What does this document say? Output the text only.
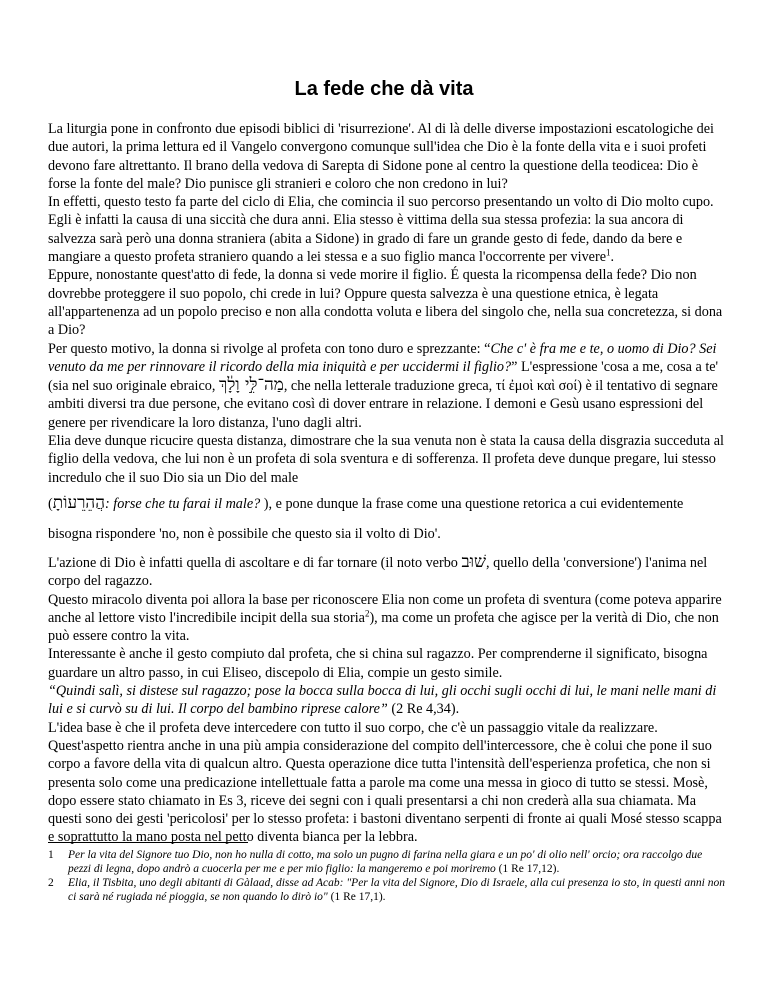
La fede che dà vita

La liturgia pone in confronto due episodi biblici di 'risurrezione'. Al di là delle diverse impostazioni escatologiche dei due autori, la prima lettura ed il Vangelo convergono comunque sull'idea che Dio è la fonte della vita e i suoi profeti devono fare altrettanto. Il brano della vedova di Sarepta di Sidone pone al centro la questione della teodicea: Dio è forse la fonte del male? Dio punisce gli stranieri e coloro che non credono in lui?

In effetti, questo testo fa parte del ciclo di Elia, che comincia il suo percorso presentando un volto di Dio molto cupo. Egli è infatti la causa di una siccità che dura anni. Elia stesso è vittima della sua stessa profezia: la sua ancora di salvezza sarà però una donna straniera (abita a Sidone) in grado di fare un grande gesto di fede, dando da bere e mangiare a questo profeta straniero quando a lei stessa e a suo figlio manca l'occorrente per vivere$^1$.

Eppure, nonostante quest'atto di fede, la donna si vede morire il figlio. É questa la ricompensa della fede? Dio non dovrebbe proteggere il suo popolo, chi crede in lui? Oppure questa salvezza è una questione etnica, è legata all'appartenenza ad un popolo preciso e non alla condotta voluta e libera del singolo che, nella sua concretezza, si dona a Dio?

Per questo motivo, la donna si rivolge al profeta con tono duro e sprezzante: “Che c' è fra me e te, o uomo di Dio? Sei venuto da me per rinnovare il ricordo della mia iniquità e per uccidermi il figlio?” L'espressione 'cosa a me, cosa a te' (sia nel suo originale ebraico, מַה־לִּ֣י וָלָ֔ךְ, che nella letterale traduzione greca, τί ἐμοὶ καὶ σοί) è il tentativo di segnare ambiti diversi tra due persone, che evitano così di dover entrare in relazione. I demoni e Gesù usano espressioni del genere per rivendicare la loro distanza, l'uno dagli altri.

Elia deve dunque ricucire questa distanza, dimostrare che la sua venuta non è stata la causa della disgrazia succeduta al figlio della vedova, che lui non è un profeta di sola sventura e di sofferenza. Il profeta deve dunque pregare, lui stesso incredulo che il suo Dio sia un Dio del male

(הֲהֵרֵעוֹתָ: forse che tu farai il male? ), e pone dunque la frase come una questione retorica a cui evidentemente bisogna rispondere 'no, non è possibile che questo sia il volto di Dio'.

L'azione di Dio è infatti quella di ascoltare e di far tornare (il noto verbo שׁוּב, quello della 'conversione') l'anima nel corpo del ragazzo.

Questo miracolo diventa poi allora la base per riconoscere Elia non come un profeta di sventura (come poteva apparire anche al lettore visto l'incredibile incipit della sua storia$^2$), ma come un profeta che agisce per la verità di Dio, che non può essere contro la vita.

Interessante è anche il gesto compiuto dal profeta, che si china sul ragazzo. Per comprenderne il significato, bisogna guardare un altro passo, in cui Eliseo, discepolo di Elia, compie un gesto simile.

“Quindi salì, si distese sul ragazzo; pose la bocca sulla bocca di lui, gli occhi sugli occhi di lui, le mani nelle mani di lui e si curvò su di lui. Il corpo del bambino riprese calore” (2 Re 4,34).

L'idea base è che il profeta deve intercedere con tutto il suo corpo, che c'è un passaggio vitale da realizzare. Quest'aspetto rientra anche in una più ampia considerazione del compito dell'intercessore, che è colui che pone il suo corpo a favore della vita di qualcun altro. Questa operazione dice tutta l'intensità dell'esperienza profetica, che non si presenta solo come una predicazione intellettuale fatta a parole ma come una messa in gioco di tutto se stessi. Mosè, dopo essere stato chiamato in Es 3, riceve dei segni con i quali presentarsi a chi non crederà alla sua chiamata. Ma questi sono dei gesti 'pericolosi' per lo stesso profeta: i bastoni diventano serpenti di fronte ai quali Mosé stesso scappa e soprattutto la mano posta nel petto diventa bianca per la lebbra.

1 Per la vita del Signore tuo Dio, non ho nulla di cotto, ma solo un pugno di farina nella giara e un po' di olio nell' orcio; ora raccolgo due pezzi di legna, dopo andrò a cuocerla per me e per mio figlio: la mangeremo e poi moriremo (1 Re 17,12).

2 Elia, il Tisbita, uno degli abitanti di Gàlaad, disse ad Acab: "Per la vita del Signore, Dio di Israele, alla cui presenza io sto, in questi anni non ci sarà né rugiada né pioggia, se non quando lo dirò io" (1 Re 17,1).
